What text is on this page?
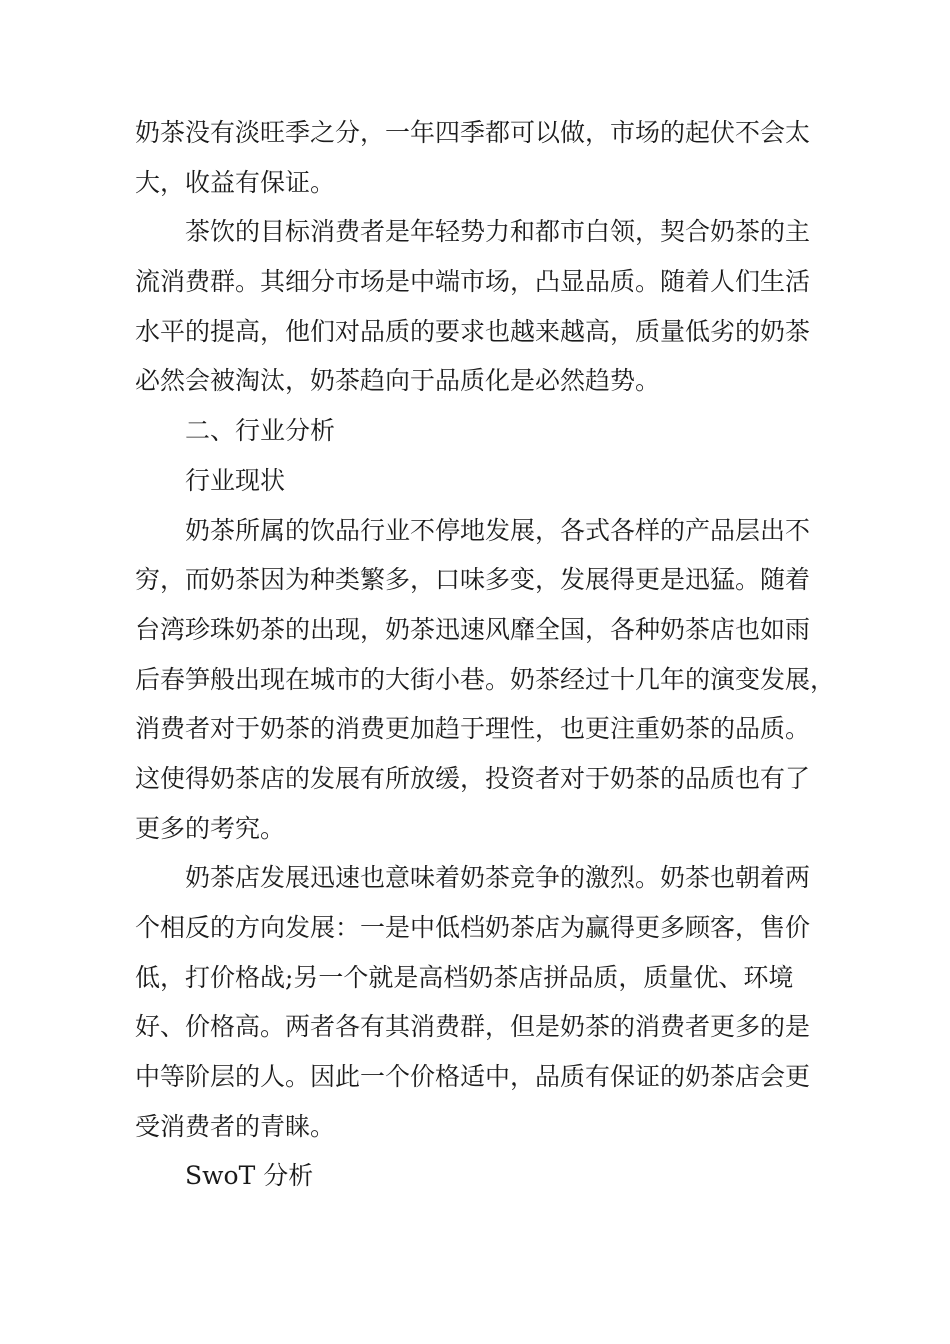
奶茶没有淡旺季之分，一年四季都可以做，市场的起伏不会太
大，收益有保证。
茶饮的目标消费者是年轻势力和都市白领，契合奶茶的主
流消费群。其细分市场是中端市场，凸显品质。随着人们生活
水平的提高，他们对品质的要求也越来越高，质量低劣的奶茶
必然会被淘汰，奶茶趋向于品质化是必然趋势。
二、行业分析
行业现状
奶茶所属的饮品行业不停地发展，各式各样的产品层出不
穷，而奶茶因为种类繁多，口味多变，发展得更是迅猛。随着
台湾珍珠奶茶的出现，奶茶迅速风靡全国，各种奶茶店也如雨
后春笋般出现在城市的大街小巷。奶茶经过十几年的演变发展，
消费者对于奶茶的消费更加趋于理性，也更注重奶茶的品质。
这使得奶茶店的发展有所放缓，投资者对于奶茶的品质也有了
更多的考究。
奶茶店发展迅速也意味着奶茶竞争的激烈。奶茶也朝着两
个相反的方向发展：一是中低档奶茶店为赢得更多顾客，售价
低，打价格战;另一个就是高档奶茶店拼品质，质量优、环境
好、价格高。两者各有其消费群，但是奶茶的消费者更多的是
中等阶层的人。因此一个价格适中，品质有保证的奶茶店会更
受消费者的青睐。
SwoT 分析
